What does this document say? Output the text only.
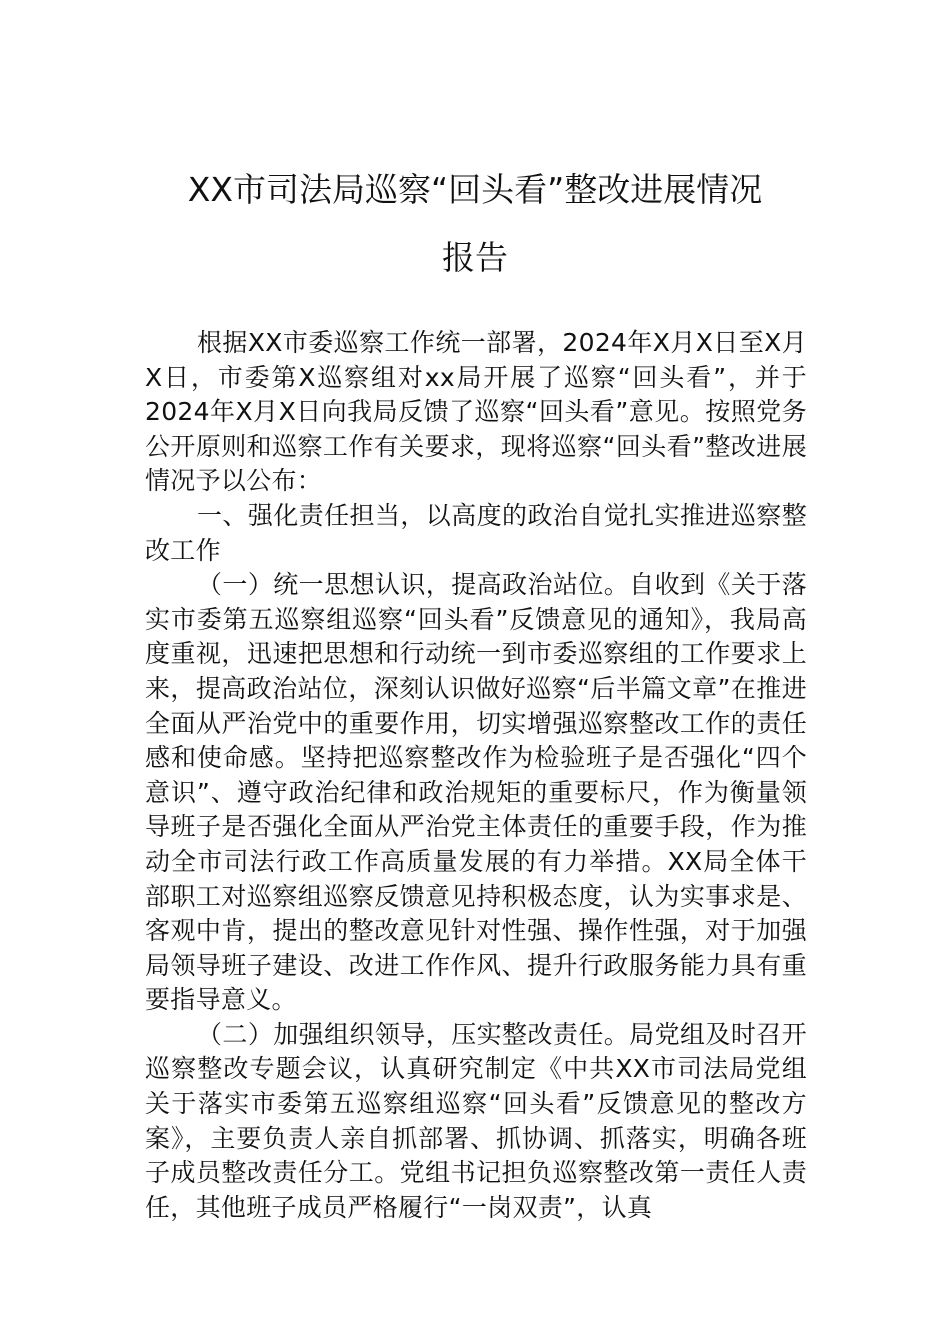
XX市司法局巡察“回头看”整改进展情况
报告

根据XX市委巡察工作统一部署，2024年X月X日至X月X日，市委第X巡察组对xx局开展了巡察“回头看”，并于2024年X月X日向我局反馈了巡察“回头看”意见。按照党务公开原则和巡察工作有关要求，现将巡察“回头看”整改进展情况予以公布：

一、强化责任担当，以高度的政治自觉扎实推进巡察整改工作

（一）统一思想认识，提高政治站位。自收到《关于落实市委第五巡察组巡察“回头看”反馈意见的通知》，我局高度重视，迅速把思想和行动统一到市委巡察组的工作要求上来，提高政治站位，深刻认识做好巡察“后半篇文章”在推进全面从严治党中的重要作用，切实增强巡察整改工作的责任感和使命感。坚持把巡察整改作为检验班子是否强化“四个意识”、遵守政治纪律和政治规矩的重要标尺，作为衡量领导班子是否强化全面从严治党主体责任的重要手段，作为推动全市司法行政工作高质量发展的有力举措。XX局全体干部职工对巡察组巡察反馈意见持积极态度，认为实事求是、客观中肯，提出的整改意见针对性强、操作性强，对于加强局领导班子建设、改进工作作风、提升行政服务能力具有重要指导意义。

（二）加强组织领导，压实整改责任。局党组及时召开巡察整改专题会议，认真研究制定《中共XX市司法局党组关于落实市委第五巡察组巡察“回头看”反馈意见的整改方案》，主要负责人亲自抓部署、抓协调、抓落实，明确各班子成员整改责任分工。党组书记担负巡察整改第一责任人责任，其他班子成员严格履行“一岗双责”，认真
